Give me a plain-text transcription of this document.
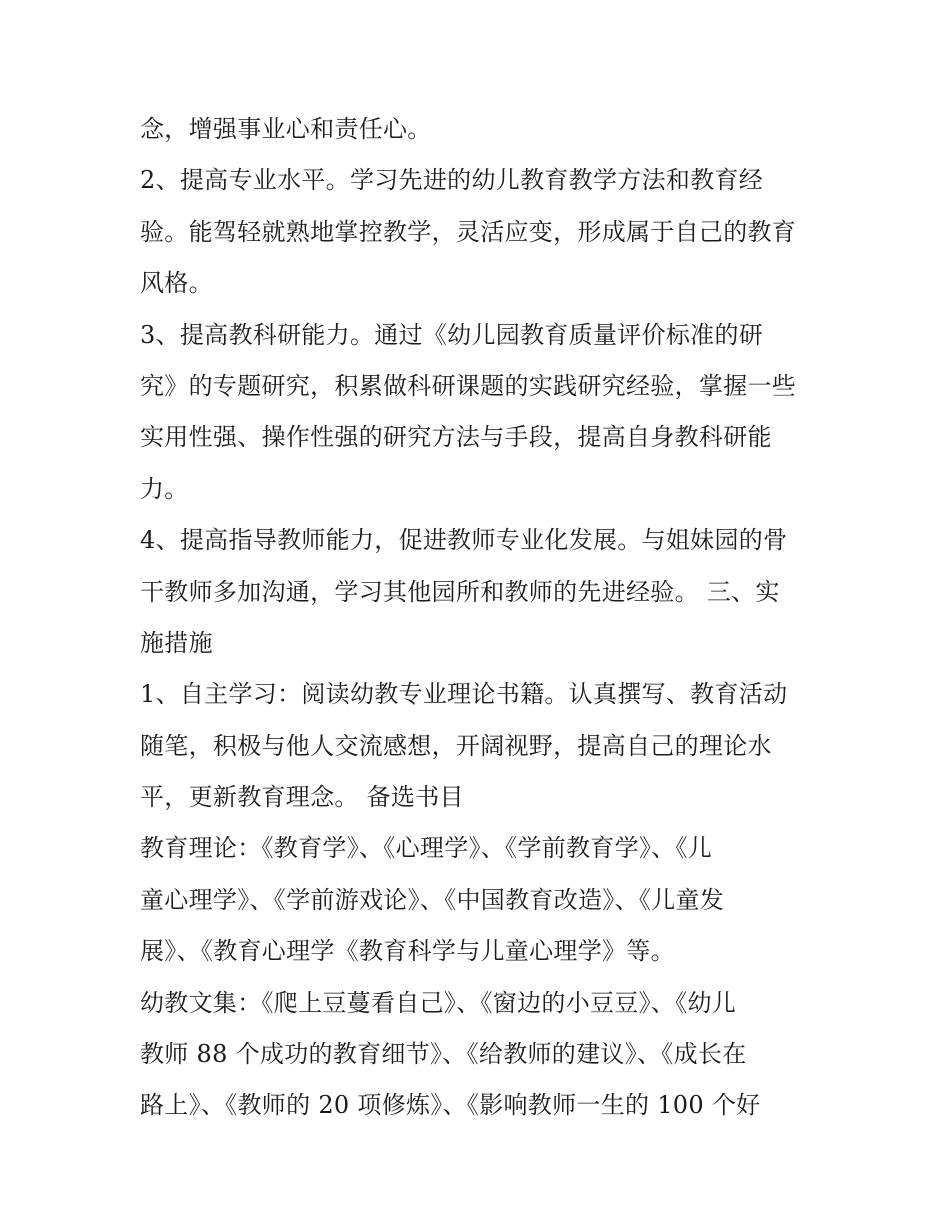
念，增强事业心和责任心。
2、提高专业水平。学习先进的幼儿教育教学方法和教育经
验。能驾轻就熟地掌控教学，灵活应变，形成属于自己的教育
风格。
3、提高教科研能力。通过《幼儿园教育质量评价标准的研
究》的专题研究，积累做科研课题的实践研究经验，掌握一些
实用性强、操作性强的研究方法与手段，提高自身教科研能
力。
4、提高指导教师能力，促进教师专业化发展。与姐妹园的骨
干教师多加沟通，学习其他园所和教师的先进经验。 三、实
施措施
1、自主学习：阅读幼教专业理论书籍。认真撰写、教育活动
随笔，积极与他人交流感想，开阔视野，提高自己的理论水
平，更新教育理念。 备选书目
教育理论：《教育学》、《心理学》、《学前教育学》、《儿
童心理学》、《学前游戏论》、《中国教育改造》、《儿童发
展》、《教育心理学《教育科学与儿童心理学》等。
幼教文集：《爬上豆蔓看自己》、《窗边的小豆豆》、《幼儿
教师 88 个成功的教育细节》、《给教师的建议》、《成长在
路上》、《教师的 20 项修炼》、《影响教师一生的 100 个好
